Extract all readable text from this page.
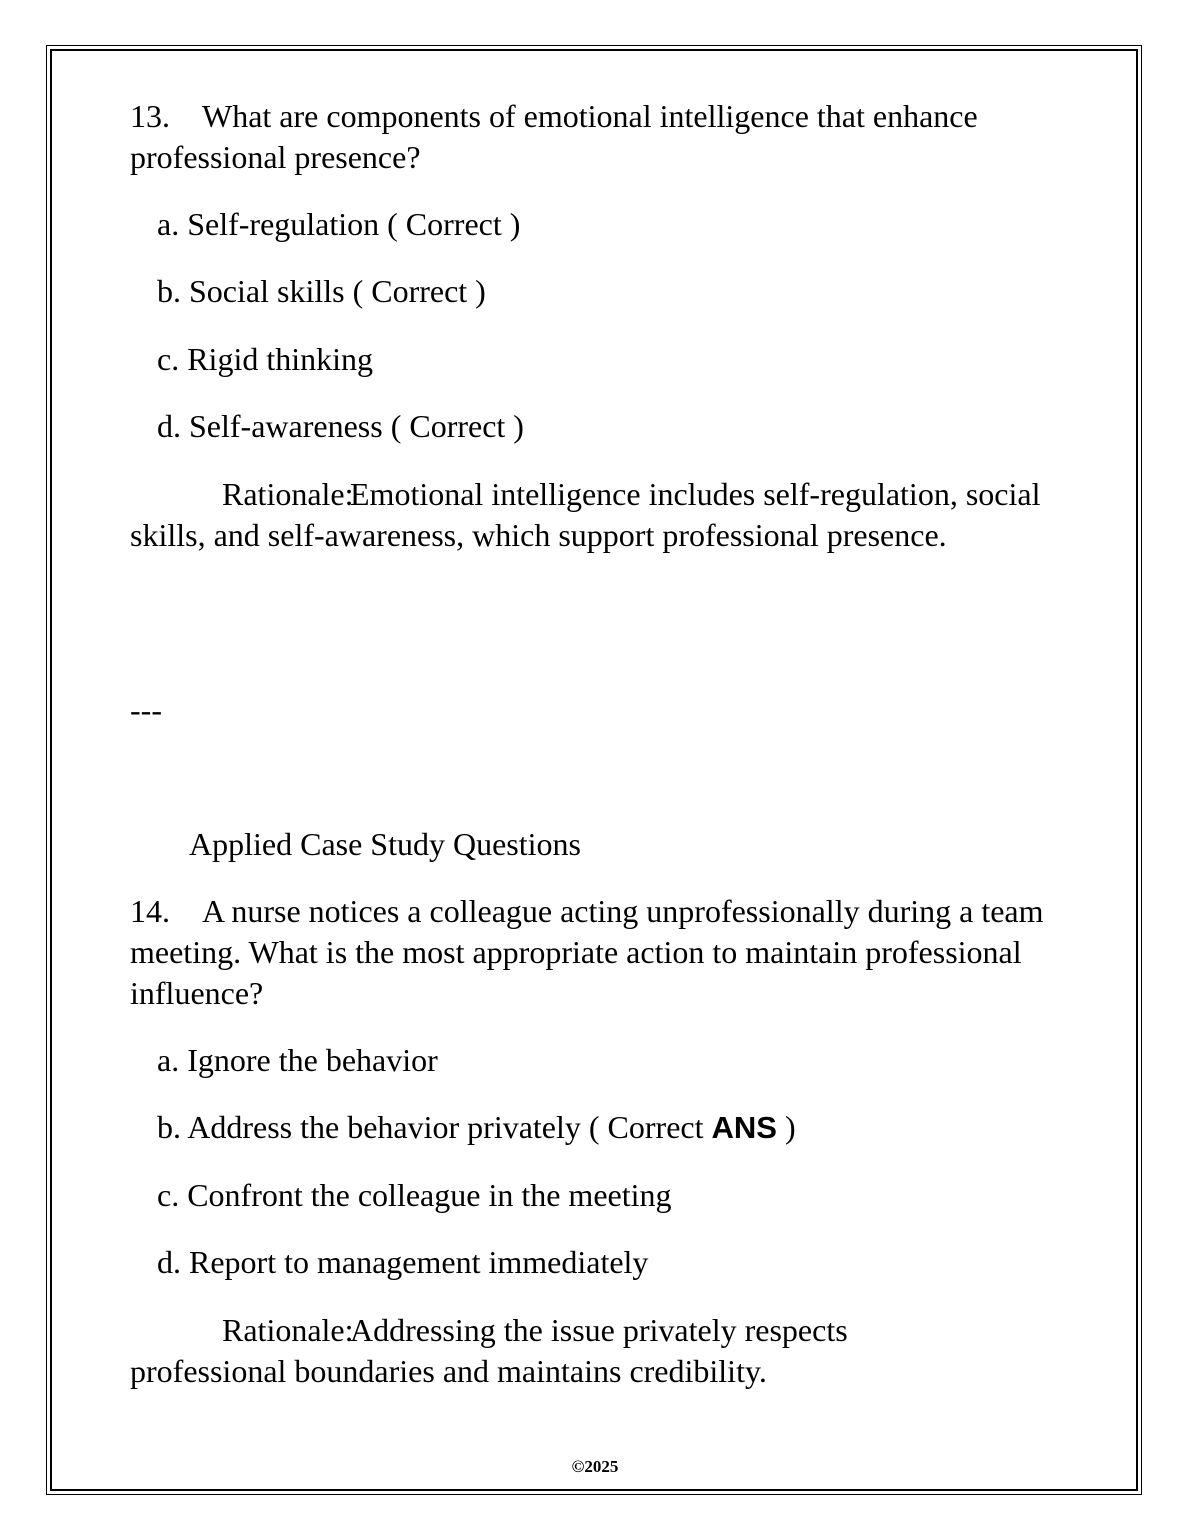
13. What are components of emotional intelligence that enhance professional presence?

a. Self-regulation ( Correct )

b. Social skills ( Correct )

c. Rigid thinking

d. Self-awareness ( Correct )

Rationale:Emotional intelligence includes self-regulation, social skills, and self-awareness, which support professional presence.

---

Applied Case Study Questions

14. A nurse notices a colleague acting unprofessionally during a team meeting. What is the most appropriate action to maintain professional influence?

a. Ignore the behavior

b. Address the behavior privately ( Correct ANS )

c. Confront the colleague in the meeting

d. Report to management immediately

Rationale:Addressing the issue privately respects professional boundaries and maintains credibility.

©2025
